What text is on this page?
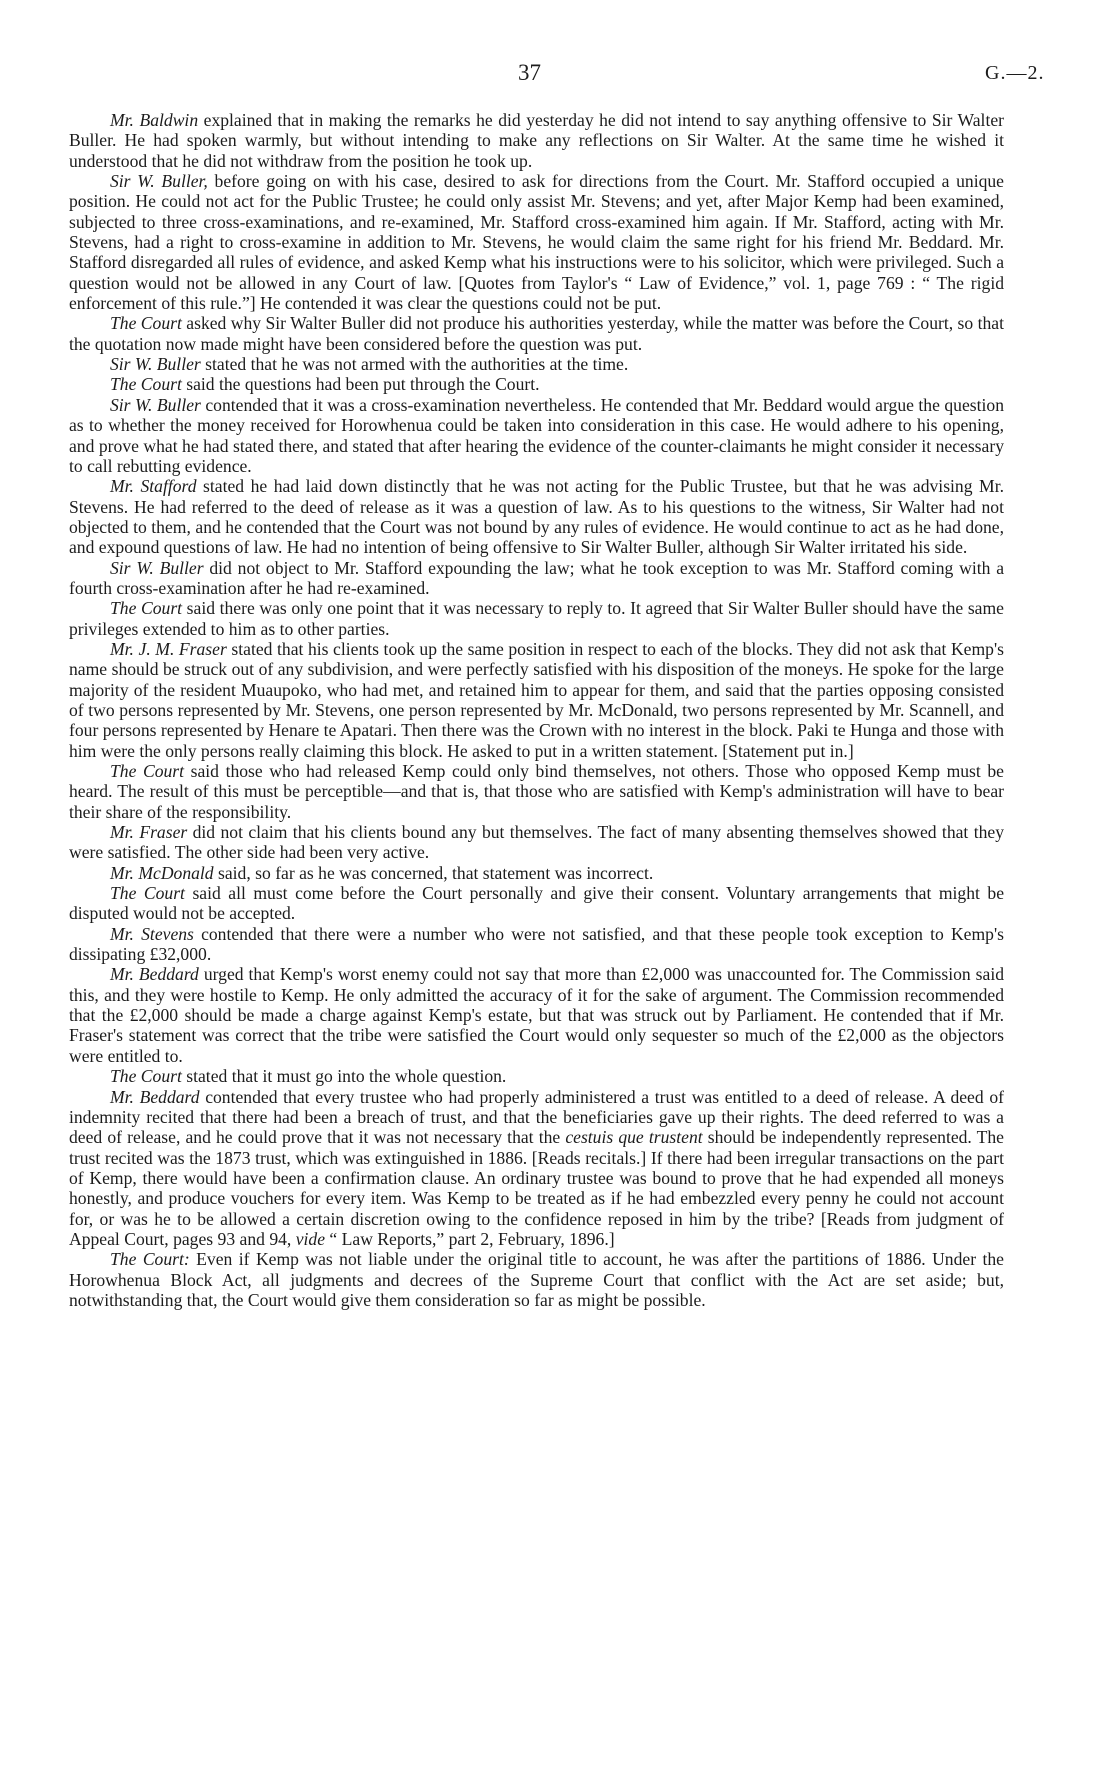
37	G.—2.

Mr. Baldwin explained that in making the remarks he did yesterday he did not intend to say anything offensive to Sir Walter Buller. He had spoken warmly, but without intending to make any reflections on Sir Walter. At the same time he wished it understood that he did not withdraw from the position he took up.

Sir W. Buller, before going on with his case, desired to ask for directions from the Court. Mr. Stafford occupied a unique position. He could not act for the Public Trustee; he could only assist Mr. Stevens; and yet, after Major Kemp had been examined, subjected to three cross-examinations, and re-examined, Mr. Stafford cross-examined him again. If Mr. Stafford, acting with Mr. Stevens, had a right to cross-examine in addition to Mr. Stevens, he would claim the same right for his friend Mr. Beddard. Mr. Stafford disregarded all rules of evidence, and asked Kemp what his instructions were to his solicitor, which were privileged. Such a question would not be allowed in any Court of law. [Quotes from Taylor's “ Law of Evidence,” vol. 1, page 769 : “ The rigid enforcement of this rule.”] He contended it was clear the questions could not be put.

The Court asked why Sir Walter Buller did not produce his authorities yesterday, while the matter was before the Court, so that the quotation now made might have been considered before the question was put.

Sir W. Buller stated that he was not armed with the authorities at the time.

The Court said the questions had been put through the Court.

Sir W. Buller contended that it was a cross-examination nevertheless. He contended that Mr. Beddard would argue the question as to whether the money received for Horowhenua could be taken into consideration in this case. He would adhere to his opening, and prove what he had stated there, and stated that after hearing the evidence of the counter-claimants he might consider it necessary to call rebutting evidence.

Mr. Stafford stated he had laid down distinctly that he was not acting for the Public Trustee, but that he was advising Mr. Stevens. He had referred to the deed of release as it was a question of law. As to his questions to the witness, Sir Walter had not objected to them, and he contended that the Court was not bound by any rules of evidence. He would continue to act as he had done, and expound questions of law. He had no intention of being offensive to Sir Walter Buller, although Sir Walter irritated his side.

Sir W. Buller did not object to Mr. Stafford expounding the law; what he took exception to was Mr. Stafford coming with a fourth cross-examination after he had re-examined.

The Court said there was only one point that it was necessary to reply to. It agreed that Sir Walter Buller should have the same privileges extended to him as to other parties.

Mr. J. M. Fraser stated that his clients took up the same position in respect to each of the blocks. They did not ask that Kemp's name should be struck out of any subdivision, and were perfectly satisfied with his disposition of the moneys. He spoke for the large majority of the resident Muaupoko, who had met, and retained him to appear for them, and said that the parties opposing consisted of two persons represented by Mr. Stevens, one person represented by Mr. McDonald, two persons represented by Mr. Scannell, and four persons represented by Henare te Apatari. Then there was the Crown with no interest in the block. Paki te Hunga and those with him were the only persons really claiming this block. He asked to put in a written statement. [Statement put in.]

The Court said those who had released Kemp could only bind themselves, not others. Those who opposed Kemp must be heard. The result of this must be perceptible—and that is, that those who are satisfied with Kemp's administration will have to bear their share of the responsibility.

Mr. Fraser did not claim that his clients bound any but themselves. The fact of many absenting themselves showed that they were satisfied. The other side had been very active.

Mr. McDonald said, so far as he was concerned, that statement was incorrect.

The Court said all must come before the Court personally and give their consent. Voluntary arrangements that might be disputed would not be accepted.

Mr. Stevens contended that there were a number who were not satisfied, and that these people took exception to Kemp's dissipating £32,000.

Mr. Beddard urged that Kemp's worst enemy could not say that more than £2,000 was unaccounted for. The Commission said this, and they were hostile to Kemp. He only admitted the accuracy of it for the sake of argument. The Commission recommended that the £2,000 should be made a charge against Kemp's estate, but that was struck out by Parliament. He contended that if Mr. Fraser's statement was correct that the tribe were satisfied the Court would only sequester so much of the £2,000 as the objectors were entitled to.

The Court stated that it must go into the whole question.

Mr. Beddard contended that every trustee who had properly administered a trust was entitled to a deed of release. A deed of indemnity recited that there had been a breach of trust, and that the beneficiaries gave up their rights. The deed referred to was a deed of release, and he could prove that it was not necessary that the cestuis que trustent should be independently represented. The trust recited was the 1873 trust, which was extinguished in 1886. [Reads recitals.] If there had been irregular transactions on the part of Kemp, there would have been a confirmation clause. An ordinary trustee was bound to prove that he had expended all moneys honestly, and produce vouchers for every item. Was Kemp to be treated as if he had embezzled every penny he could not account for, or was he to be allowed a certain discretion owing to the confidence reposed in him by the tribe? [Reads from judgment of Appeal Court, pages 93 and 94, vide “ Law Reports,” part 2, February, 1896.]

The Court: Even if Kemp was not liable under the original title to account, he was after the partitions of 1886. Under the Horowhenua Block Act, all judgments and decrees of the Supreme Court that conflict with the Act are set aside; but, notwithstanding that, the Court would give them consideration so far as might be possible.
